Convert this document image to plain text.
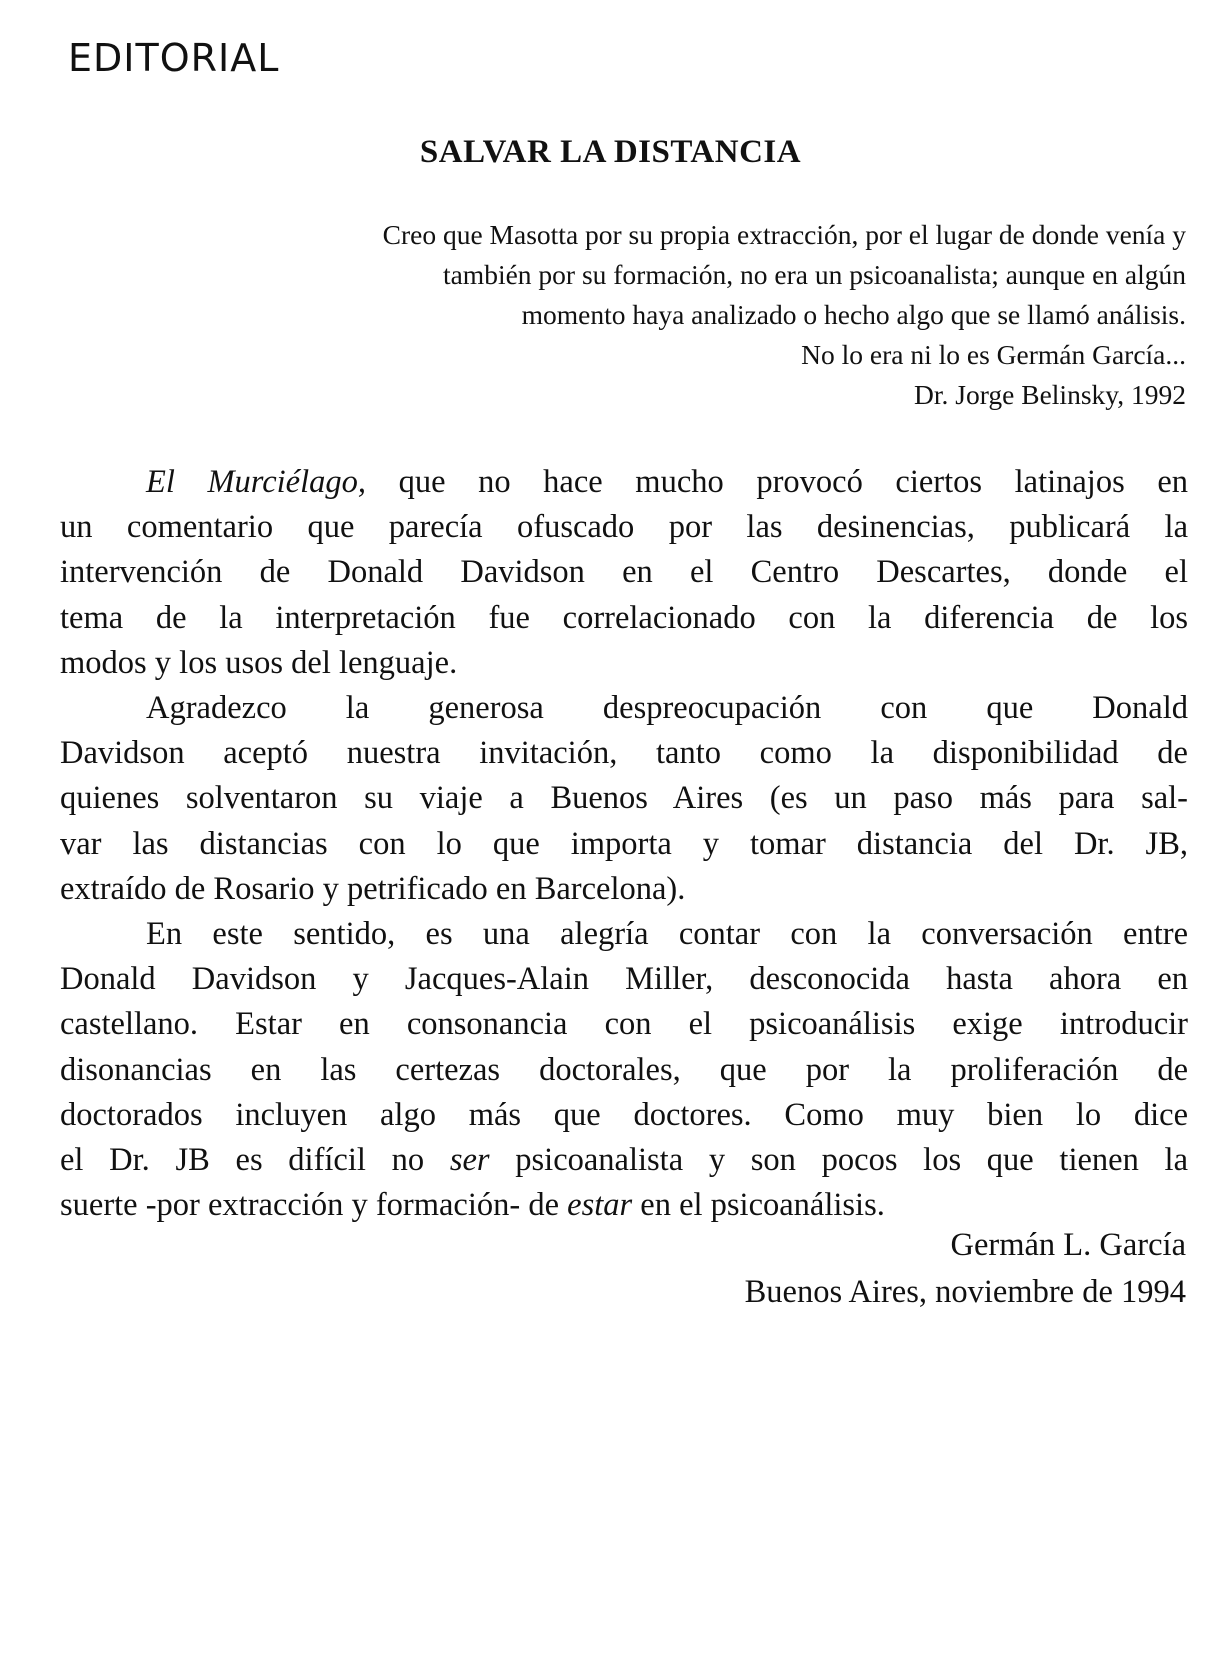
EDITORIAL
SALVAR LA DISTANCIA
Creo que Masotta por su propia extracción, por el lugar de donde venía y
también por su formación, no era un psicoanalista; aunque en algún
momento haya analizado o hecho algo que se llamó análisis.
No lo era ni lo es Germán García...
Dr. Jorge Belinsky, 1992
El Murciélago, que no hace mucho provocó ciertos latinajos en
un comentario que parecía ofuscado por las desinencias, publicará la
intervención de Donald Davidson en el Centro Descartes, donde el
tema de la interpretación fue correlacionado con la diferencia de los
modos y los usos del lenguaje.
Agradezco la generosa despreocupación con que Donald
Davidson aceptó nuestra invitación, tanto como la disponibilidad de
quienes solventaron su viaje a Buenos Aires (es un paso más para sal-
var las distancias con lo que importa y tomar distancia del Dr. JB,
extraído de Rosario y petrificado en Barcelona).
En este sentido, es una alegría contar con la conversación entre
Donald Davidson y Jacques-Alain Miller, desconocida hasta ahora en
castellano. Estar en consonancia con el psicoanálisis exige introducir
disonancias en las certezas doctorales, que por la proliferación de
doctorados incluyen algo más que doctores. Como muy bien lo dice
el Dr. JB es difícil no ser psicoanalista y son pocos los que tienen la
suerte -por extracción y formación- de estar en el psicoanálisis.
Germán L. García
Buenos Aires, noviembre de 1994
